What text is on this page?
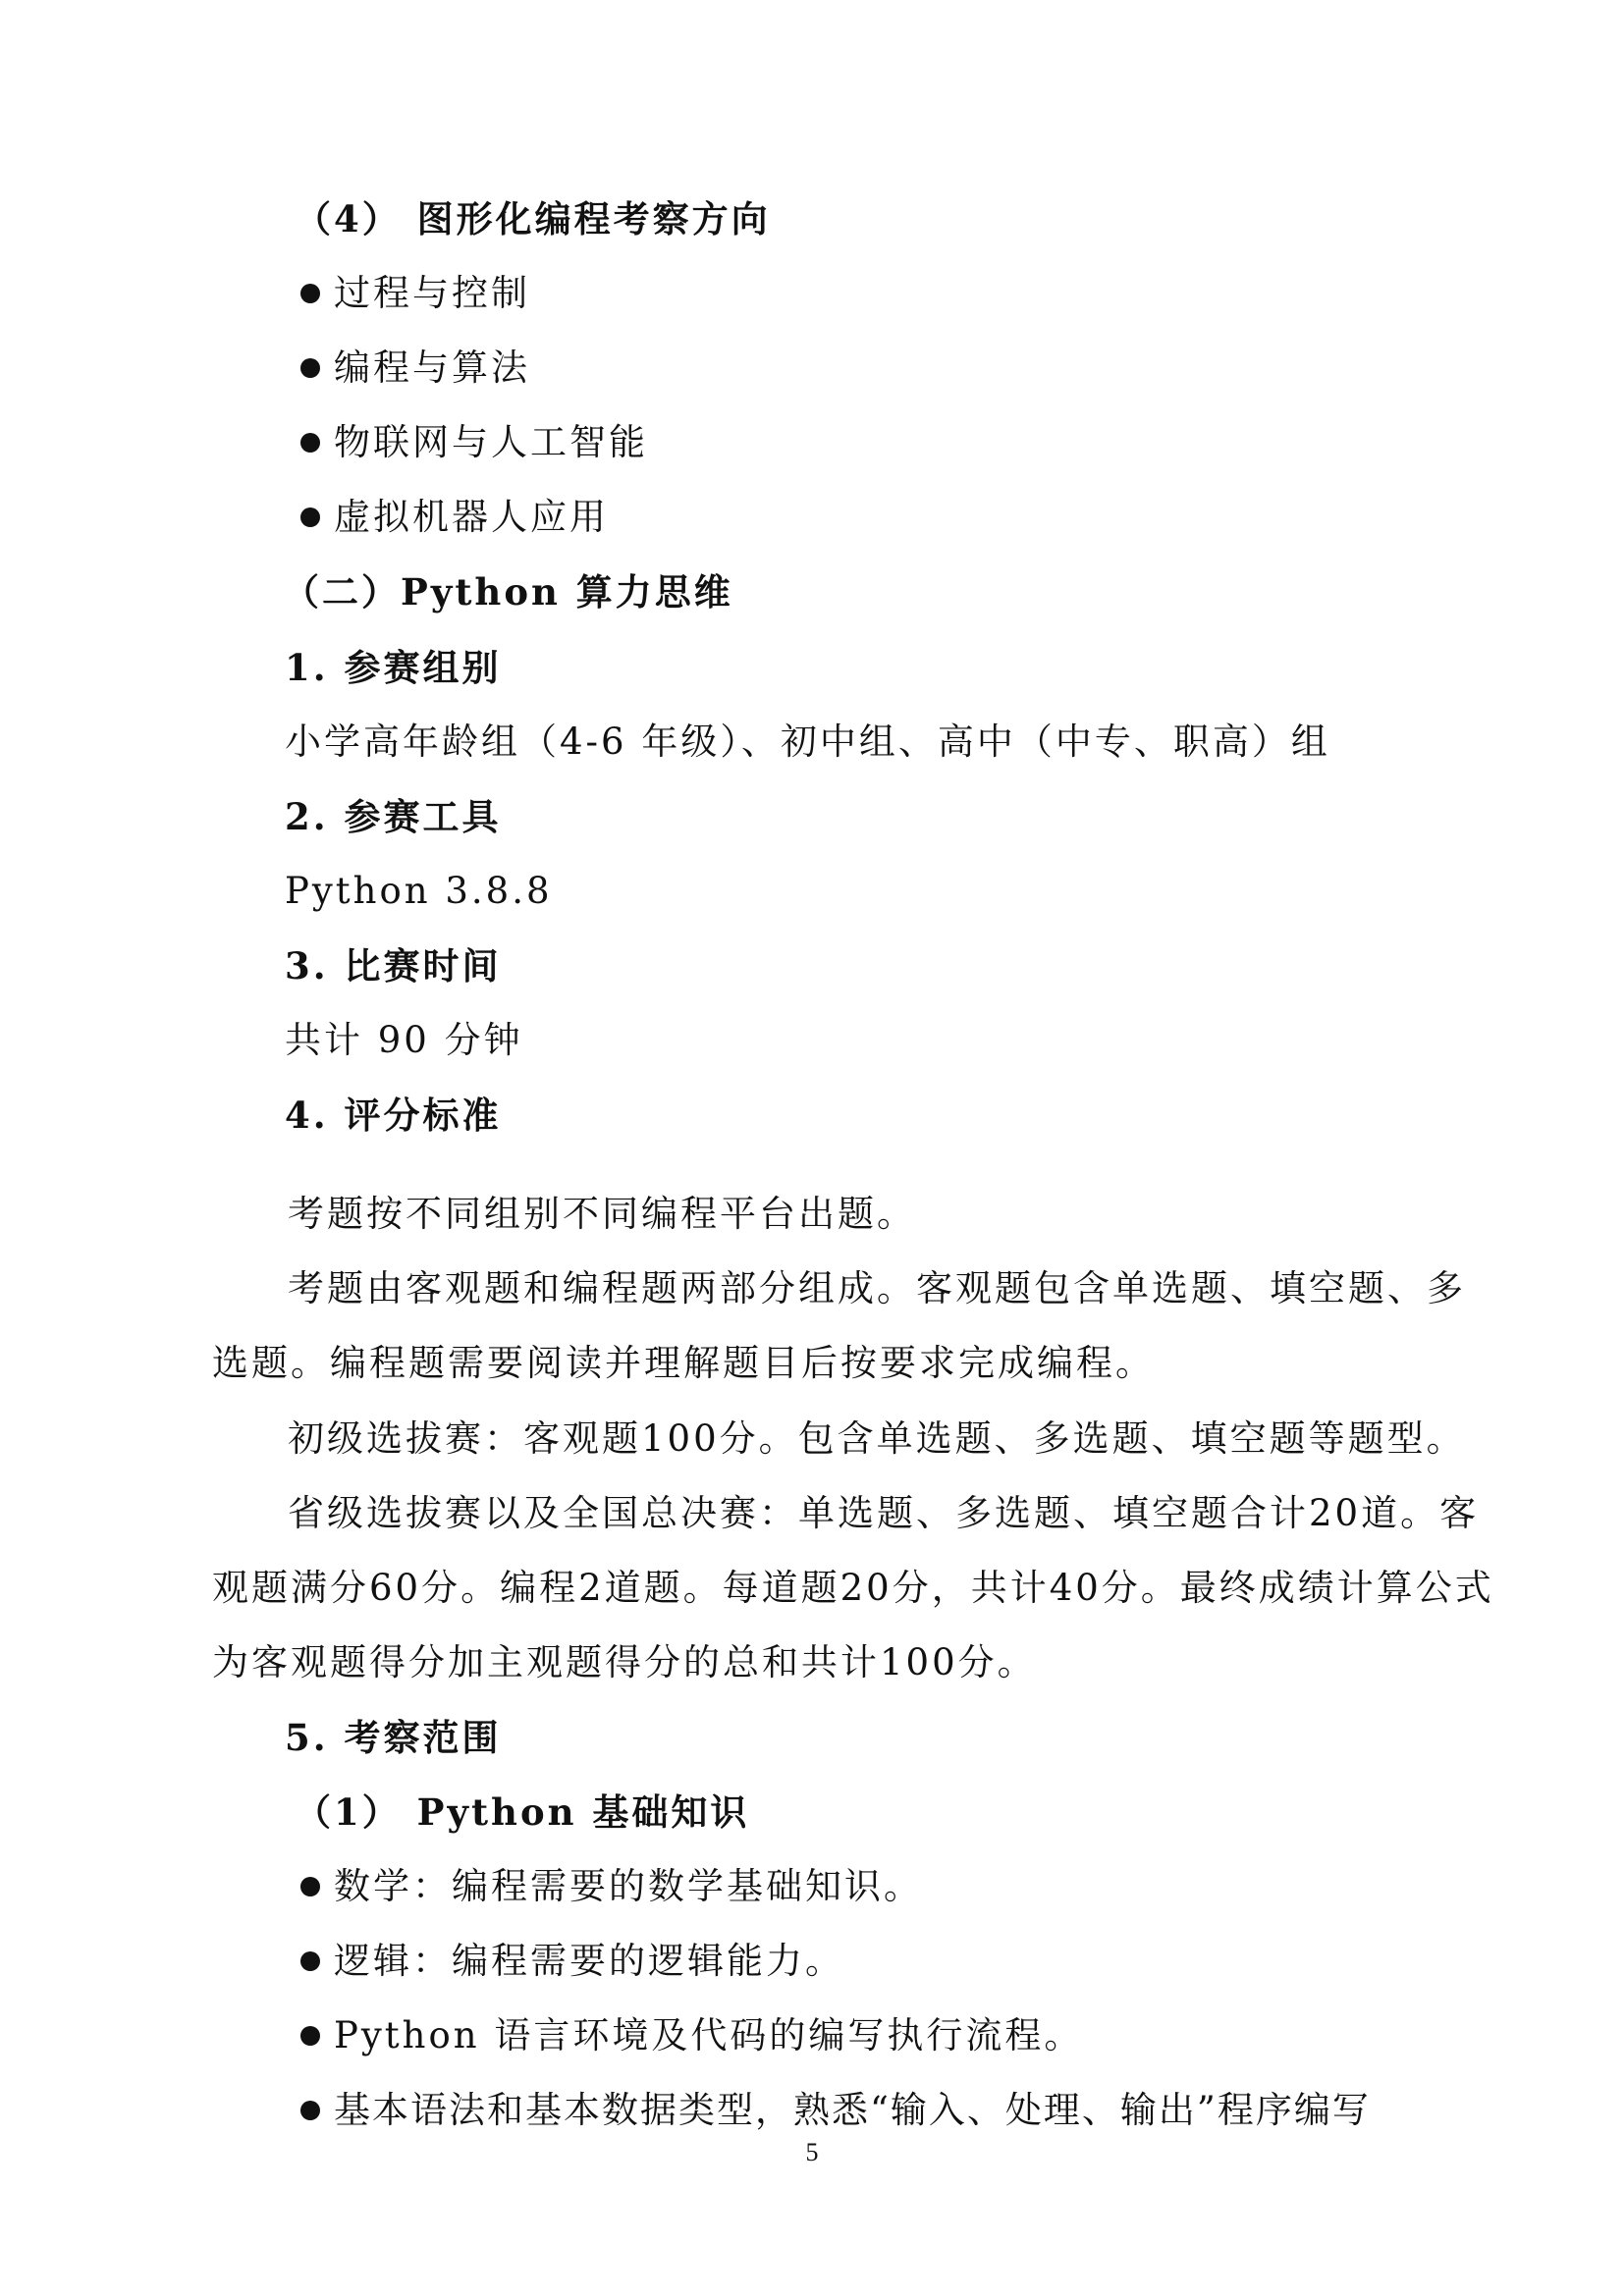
（4） 图形化编程考察方向
过程与控制
编程与算法
物联网与人工智能
虚拟机器人应用
（二）Python 算力思维
1. 参赛组别
小学高年龄组（4-6 年级）、初中组、高中（中专、职高）组
2. 参赛工具
Python 3.8.8
3. 比赛时间
共计 90 分钟
4. 评分标准
考题按不同组别不同编程平台出题。
考题由客观题和编程题两部分组成。客观题包含单选题、填空题、多
选题。编程题需要阅读并理解题目后按要求完成编程。
初级选拔赛：客观题100分。包含单选题、多选题、填空题等题型。
省级选拔赛以及全国总决赛：单选题、多选题、填空题合计20道。客
观题满分60分。编程2道题。每道题20分，共计40分。最终成绩计算公式
为客观题得分加主观题得分的总和共计100分。
5. 考察范围
（1） Python 基础知识
数学：编程需要的数学基础知识。
逻辑：编程需要的逻辑能力。
Python 语言环境及代码的编写执行流程。
基本语法和基本数据类型，熟悉“输入、处理、输出”程序编写
5
